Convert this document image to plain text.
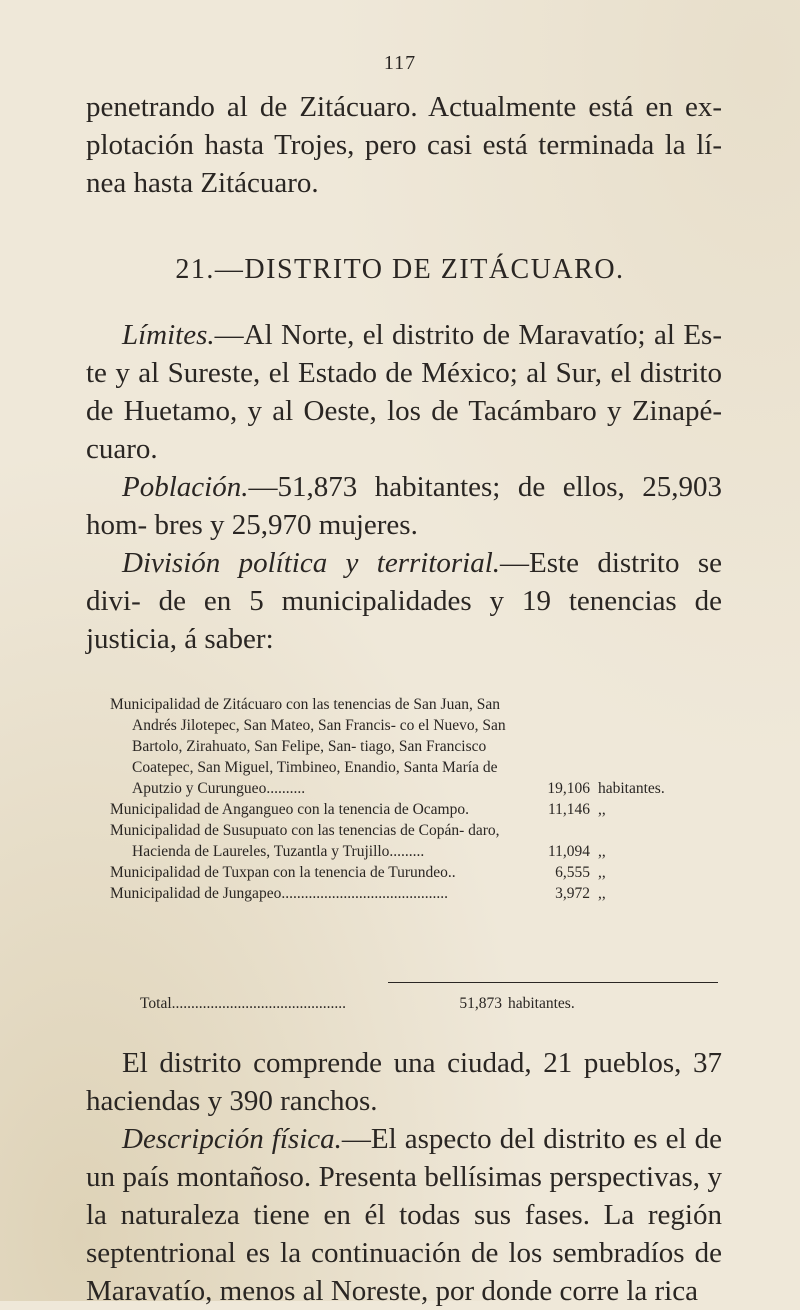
117
penetrando al de Zitácuaro. Actualmente está en ex- plotación hasta Trojes, pero casi está terminada la lí- nea hasta Zitácuaro.
21.—DISTRITO DE ZITÁCUARO.
Límites.—Al Norte, el distrito de Maravatío; al Es- te y al Sureste, el Estado de México; al Sur, el distrito de Huetamo, y al Oeste, los de Tacámbaro y Zinapé- cuaro.
Población.—51,873 habitantes; de ellos, 25,903 hom- bres y 25,970 mujeres.
División política y territorial.—Este distrito se divi- de en 5 municipalidades y 19 tenencias de justicia, á saber:
Municipalidad de Zitácuaro con las tenencias de San Juan, San Andrés Jilotepec, San Mateo, San Francis- co el Nuevo, San Bartolo, Zirahuato, San Felipe, San- tiago, San Francisco Coatepec, San Miguel, Timbineo, Enandio, Santa María de Aputzio y Curungueo..........	19,106 habitantes.
Municipalidad de Angangueo con la tenencia de Ocampo.	11,146 ,,
Municipalidad de Susupuato con las tenencias de Copán- daro, Hacienda de Laureles, Tuzantla y Trujillo.........	11,094 ,,
Municipalidad de Tuxpan con la tenencia de Turundeo..	6,555 ,,
Municipalidad de Jungapeo...........................................	3,972 ,,
Total.............................................	51,873 habitantes.
El distrito comprende una ciudad, 21 pueblos, 37 haciendas y 390 ranchos.
Descripción física.—El aspecto del distrito es el de un país montañoso. Presenta bellísimas perspectivas, y la naturaleza tiene en él todas sus fases. La región septentrional es la continuación de los sembradíos de Maravatío, menos al Noreste, por donde corre la rica
